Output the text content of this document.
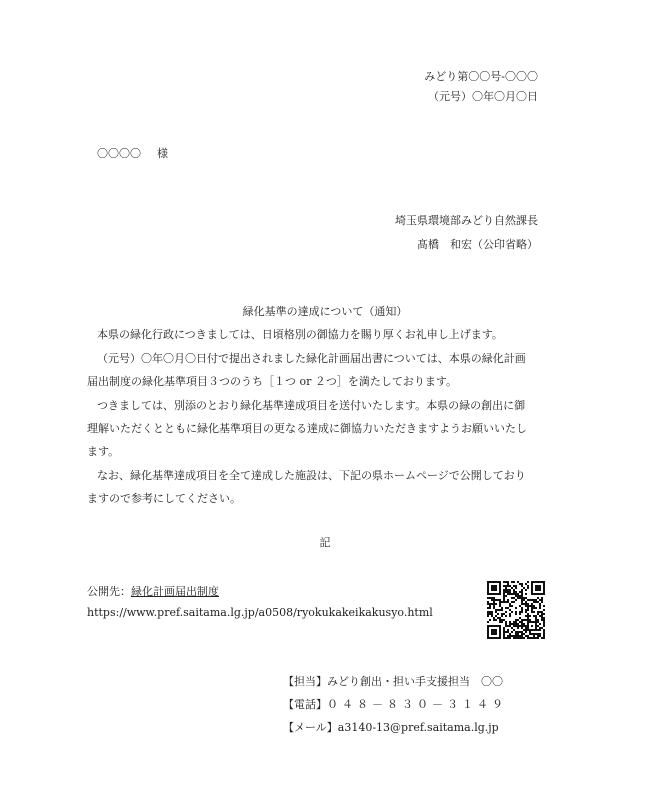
みどり第〇〇号-〇〇〇

（元号）〇年〇月〇日

〇〇〇〇 様

埼玉県環境部みどり自然課長

髙橋　和宏（公印省略）

緑化基準の達成について（通知）

本県の緑化行政につきましては、日頃格別の御協力を賜り厚くお礼申し上げます。

（元号）〇年〇月〇日付で提出されました緑化計画届出書については、本県の緑化計画

届出制度の緑化基準項目３つのうち［１つ or ２つ］を満たしております。

つきましては、別添のとおり緑化基準達成項目を送付いたします。本県の緑の創出に御

理解いただくとともに緑化基準項目の更なる達成に御協力いただきますようお願いいたし

ます。

なお、緑化基準達成項目を全て達成した施設は、下記の県ホームページで公開しており

ますので参考にしてください。

記

公開先：緑化計画届出制度

https://www.pref.saitama.lg.jp/a0508/ryokukakeikakusyo.html

【担当】みどり創出・担い手支援担当　〇〇
【電話】０４８－８３０－３１４９
【メール】a3140-13@pref.saitama.lg.jp
